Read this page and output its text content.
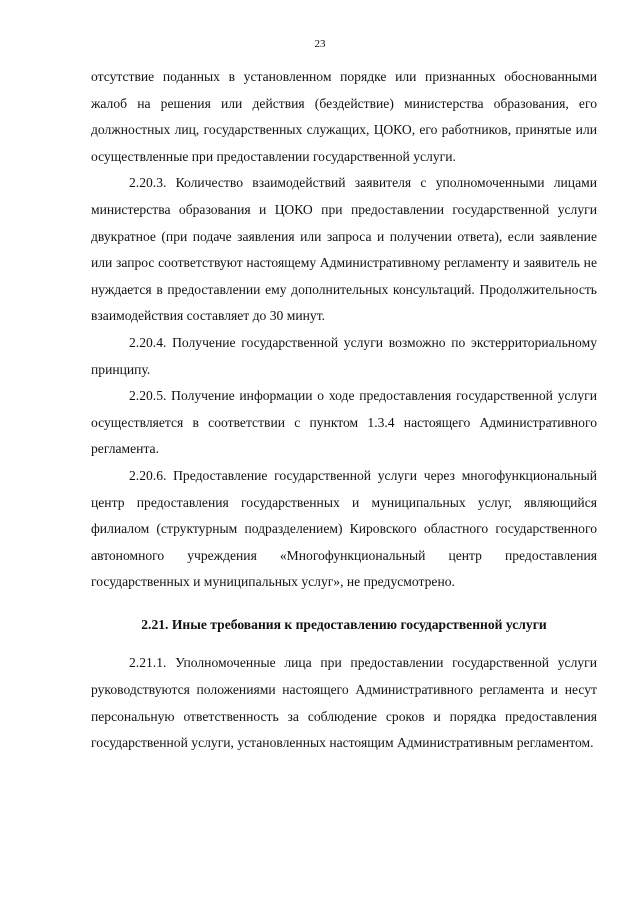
23

отсутствие поданных в установленном порядке или признанных обоснованными жалоб на решения или действия (бездействие) министерства образования, его должностных лиц, государственных служащих, ЦОКО, его работников, принятые или осуществленные при предоставлении государственной услуги.

2.20.3. Количество взаимодействий заявителя с уполномоченными лицами министерства образования и ЦОКО при предоставлении государственной услуги двукратное (при подаче заявления или запроса и получении ответа), если заявление или запрос соответствуют настоящему Административному регламенту и заявитель не нуждается в предоставлении ему дополнительных консультаций. Продолжительность взаимодействия составляет до 30 минут.

2.20.4. Получение государственной услуги возможно по экстерриториальному принципу.

2.20.5. Получение информации о ходе предоставления государственной услуги осуществляется в соответствии с пунктом 1.3.4 настоящего Административного регламента.

2.20.6. Предоставление государственной услуги через многофункциональный центр предоставления государственных и муниципальных услуг, являющийся филиалом (структурным подразделением) Кировского областного государственного автономного учреждения «Многофункциональный центр предоставления государственных и муниципальных услуг», не предусмотрено.

2.21. Иные требования к предоставлению государственной услуги

2.21.1. Уполномоченные лица при предоставлении государственной услуги руководствуются положениями настоящего Административного регламента и несут персональную ответственность за соблюдение сроков и порядка предоставления государственной услуги, установленных настоящим Административным регламентом.
